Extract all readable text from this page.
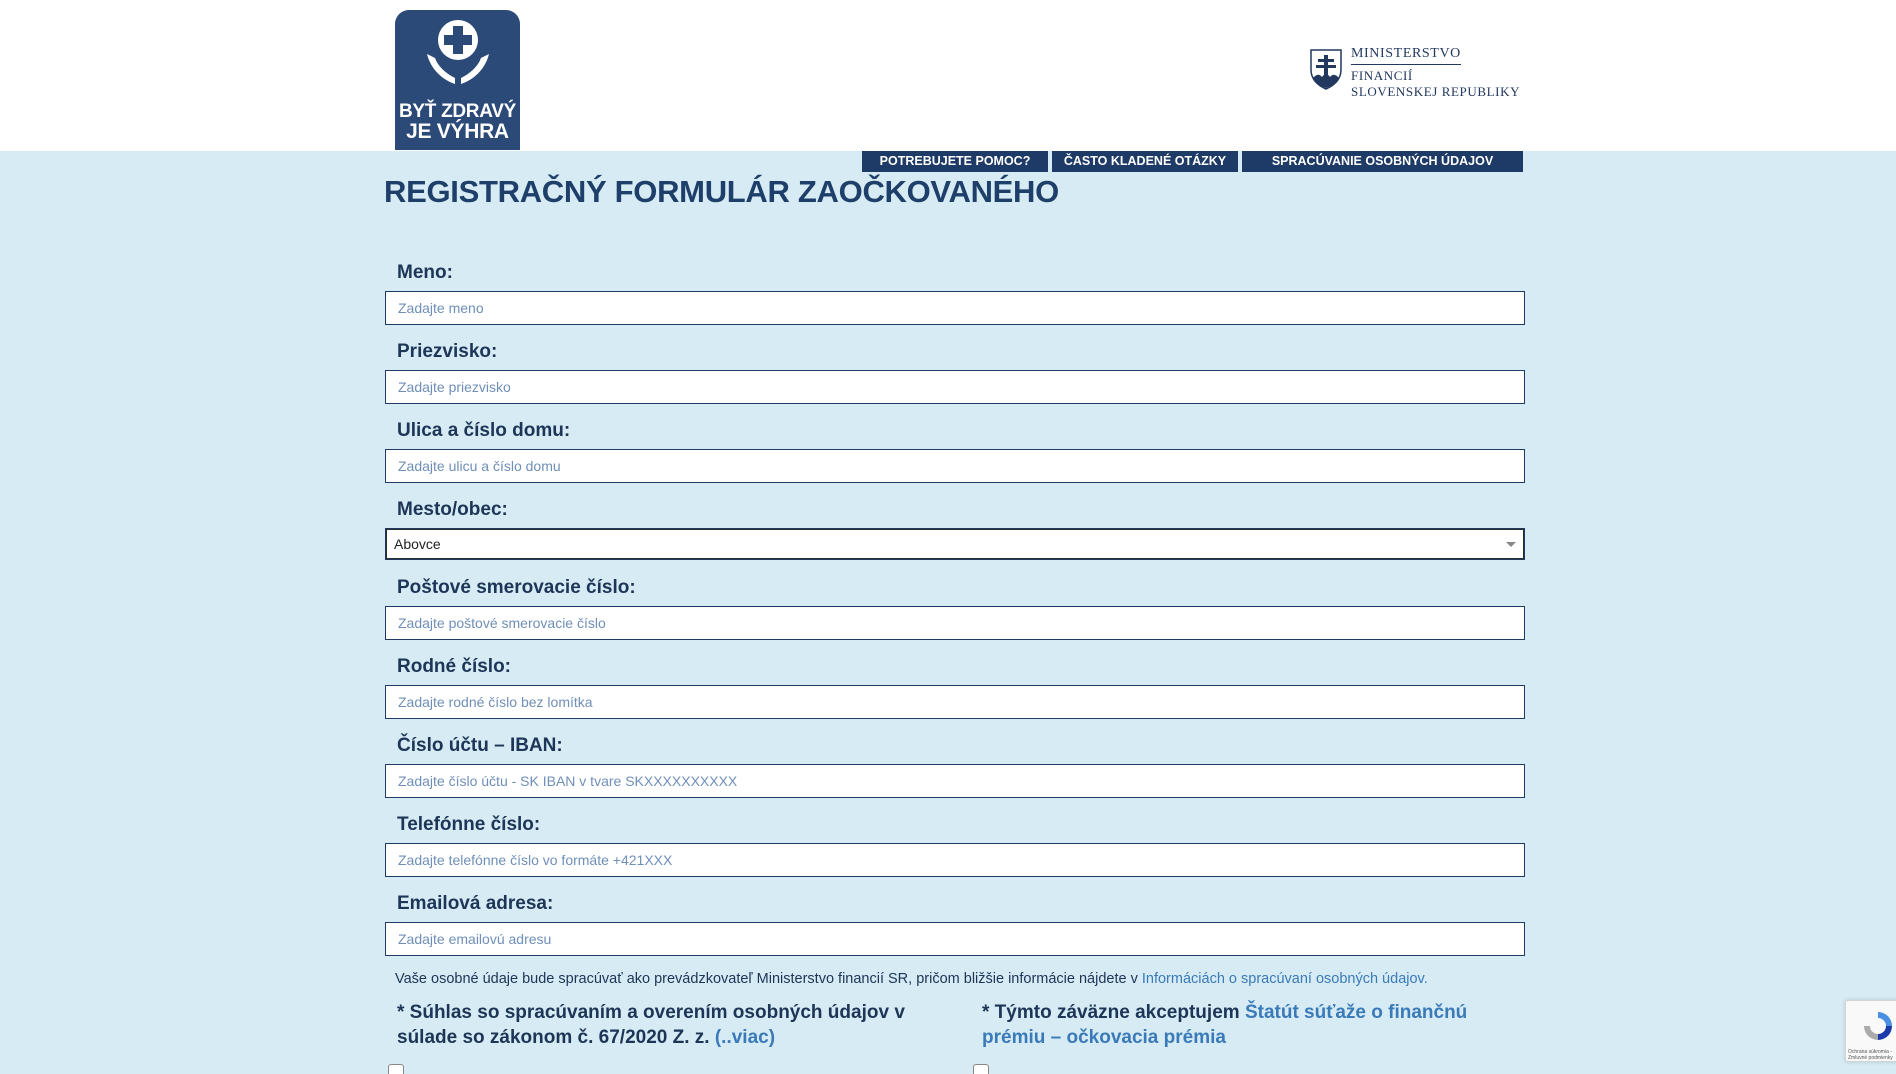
BYŤ ZDRAVÝ
JE VÝHRA
MINISTERSTVO
FINANCIÍ
SLOVENSKEJ REPUBLIKY
POTREBUJETE POMOC?	ČASTO KLADENÉ OTÁZKY	SPRACÚVANIE OSOBNÝCH ÚDAJOV
REGISTRAČNÝ FORMULÁR ZAOČKOVANÉHO
Meno:
Zadajte meno
Priezvisko:
Zadajte priezvisko
Ulica a číslo domu:
Zadajte ulicu a číslo domu
Mesto/obec:
Abovce
Poštové smerovacie číslo:
Zadajte poštové smerovacie číslo
Rodné číslo:
Zadajte rodné číslo bez lomítka
Číslo účtu – IBAN:
Zadajte číslo účtu - SK IBAN v tvare SKXXXXXXXXXX
Telefónne číslo:
Zadajte telefónne číslo vo formáte +421XXX
Emailová adresa:
Zadajte emailovú adresu
Vaše osobné údaje bude spracúvať ako prevádzkovateľ Ministerstvo financií SR, pričom bližšie informácie nájdete v Informáciách o spracúvaní osobných údajov.
* Súhlas so spracúvaním a overením osobných údajov v súlade so zákonom č. 67/2020 Z. z. (..viac)
* Týmto záväzne akceptujem Štatút súťaže o finančnú prémiu – očkovacia prémia
Ochrana súkromia - Zmluvné podmienky
